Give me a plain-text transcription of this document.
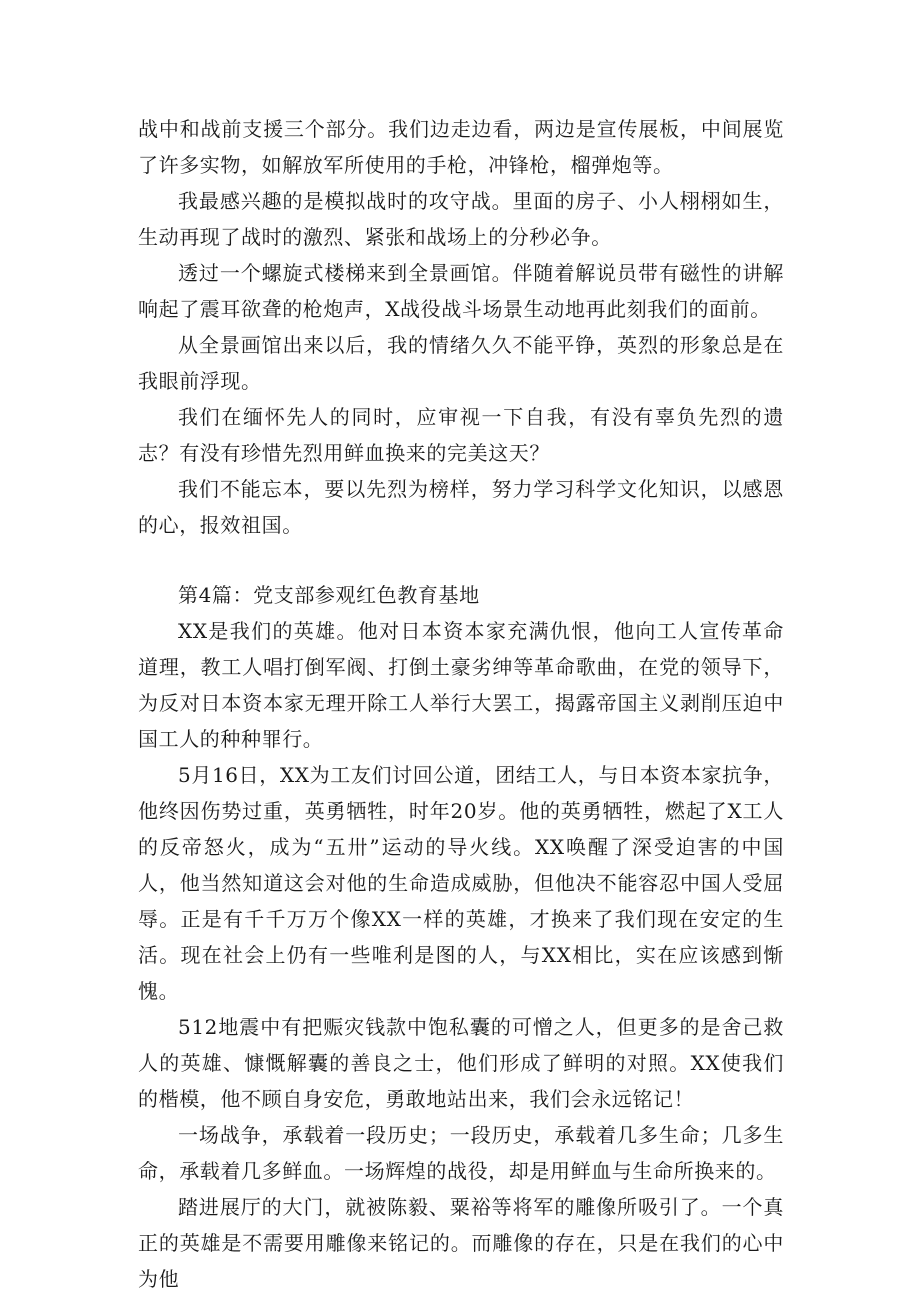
战中和战前支援三个部分。我们边走边看，两边是宣传展板，中间展览了许多实物，如解放军所使用的手枪，冲锋枪，榴弹炮等。

我最感兴趣的是模拟战时的攻守战。里面的房子、小人栩栩如生，生动再现了战时的激烈、紧张和战场上的分秒必争。

透过一个螺旋式楼梯来到全景画馆。伴随着解说员带有磁性的讲解响起了震耳欲聋的枪炮声，X战役战斗场景生动地再此刻我们的面前。

从全景画馆出来以后，我的情绪久久不能平铮，英烈的形象总是在我眼前浮现。

我们在缅怀先人的同时，应审视一下自我，有没有辜负先烈的遗志？有没有珍惜先烈用鲜血换来的完美这天？

我们不能忘本，要以先烈为榜样，努力学习科学文化知识，以感恩的心，报效祖国。

第4篇：党支部参观红色教育基地

XX是我们的英雄。他对日本资本家充满仇恨，他向工人宣传革命道理，教工人唱打倒军阀、打倒土豪劣绅等革命歌曲，在党的领导下，为反对日本资本家无理开除工人举行大罢工，揭露帝国主义剥削压迫中国工人的种种罪行。

5月16日，XX为工友们讨回公道，团结工人，与日本资本家抗争，他终因伤势过重，英勇牺牲，时年20岁。他的英勇牺牲，燃起了X工人的反帝怒火，成为“五卅”运动的导火线。XX唤醒了深受迫害的中国人，他当然知道这会对他的生命造成威胁，但他决不能容忍中国人受屈辱。正是有千千万万个像XX一样的英雄，才换来了我们现在安定的生活。现在社会上仍有一些唯利是图的人，与XX相比，实在应该感到惭愧。

512地震中有把赈灾钱款中饱私囊的可憎之人，但更多的是舍己救人的英雄、慷慨解囊的善良之士，他们形成了鲜明的对照。XX使我们的楷模，他不顾自身安危，勇敢地站出来，我们会永远铭记！

一场战争，承载着一段历史；一段历史，承载着几多生命；几多生命，承载着几多鲜血。一场辉煌的战役，却是用鲜血与生命所换来的。

踏进展厅的大门，就被陈毅、粟裕等将军的雕像所吸引了。一个真正的英雄是不需要用雕像来铭记的。而雕像的存在，只是在我们的心中为他
